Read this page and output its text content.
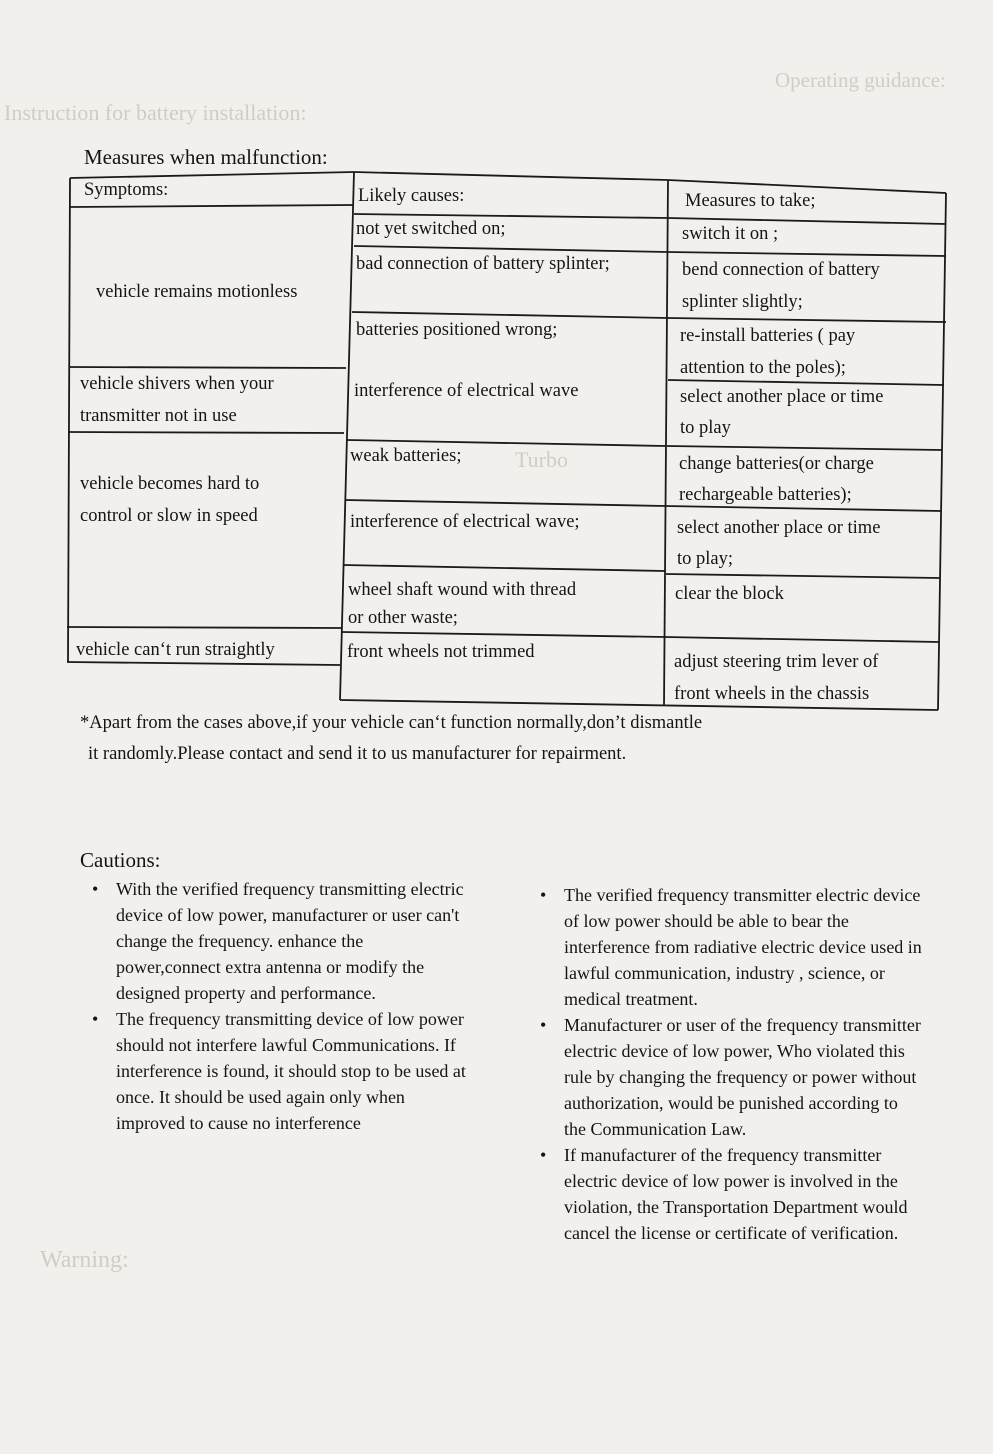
Operating guidance:
Instruction for battery installation:
Warning:
Turbo
Measures when malfunction:
Symptoms:	Likely causes:	Measures to take;
vehicle remains motionless
vehicle shivers when your
transmitter not in use
vehicle becomes hard to
control or slow in speed
vehicle can‘t run straightly
not yet switched on;
bad connection of battery splinter;
batteries positioned wrong;
interference of electrical wave
weak batteries;
interference of electrical wave;
wheel shaft wound with thread
or other waste;
front wheels not trimmed
switch it on ;
bend connection of battery
splinter slightly;
re-install batteries ( pay
attention to the poles);
select another place or time
to play
change batteries(or charge
rechargeable batteries);
select another place or time
to play;
clear the block
adjust steering trim lever of
front wheels in the chassis
*Apart from the cases above,if your vehicle can‘t function normally,don’t dismantle
it randomly.Please contact and send it to us manufacturer for repairment.
Cautions:
• With the verified frequency transmitting electric device of low power, manufacturer or user can't change the frequency. enhance the power,connect extra antenna or modify the designed property and performance.
• The frequency transmitting device of low power should not interfere lawful Communications. If interference is found, it should stop to be used at once. It should be used again only when improved to cause no interference
• The verified frequency transmitter electric device of low power should be able to bear the interference from radiative electric device used in lawful communication, industry , science, or medical treatment.
• Manufacturer or user of the frequency transmitter electric device of low power, Who violated this rule by changing the frequency or power without authorization, would be punished according to the Communication Law.
• If manufacturer of the frequency transmitter electric device of low power is involved in the violation, the Transportation Department would cancel the license or certificate of verification.
